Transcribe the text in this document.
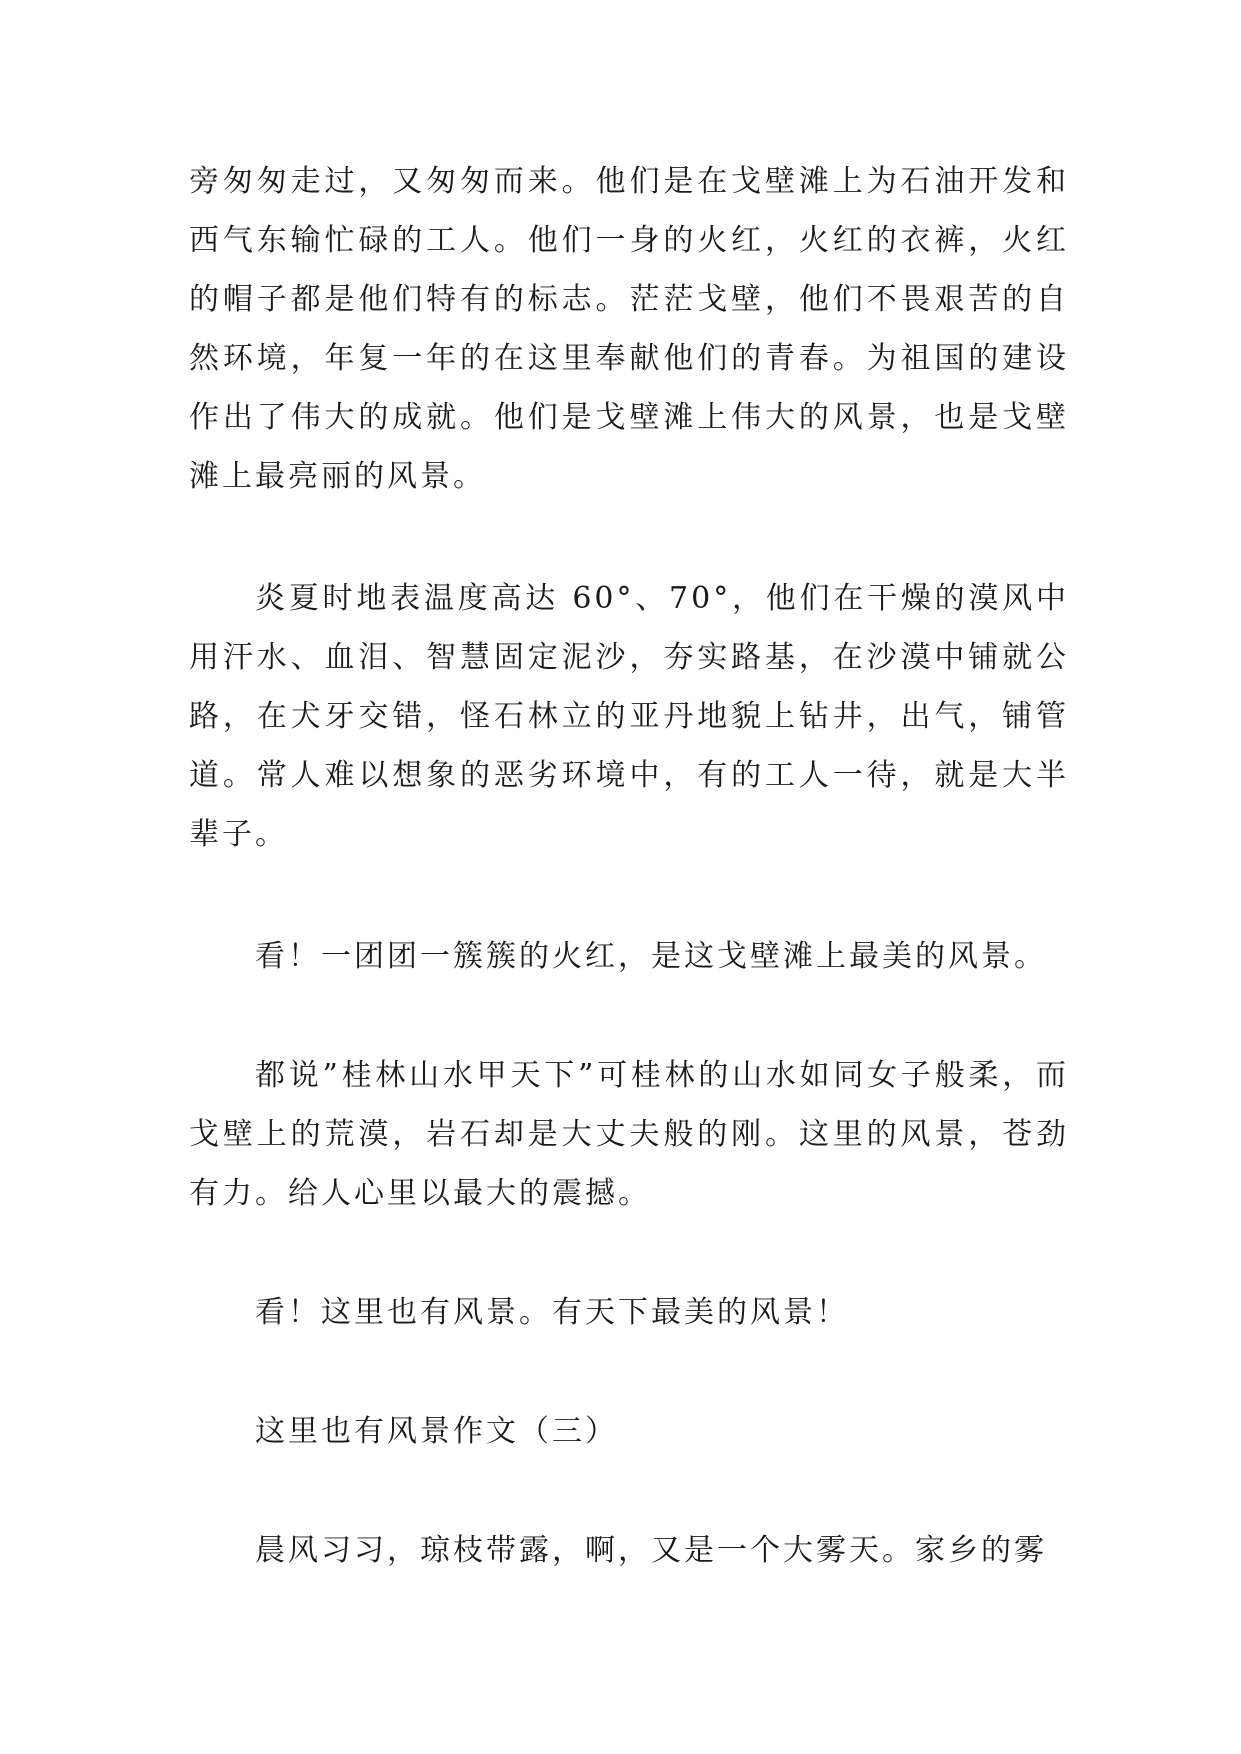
旁匆匆走过，又匆匆而来。他们是在戈壁滩上为石油开发和西气东输忙碌的工人。他们一身的火红，火红的衣裤，火红的帽子都是他们特有的标志。茫茫戈壁，他们不畏艰苦的自然环境，年复一年的在这里奉献他们的青春。为祖国的建设作出了伟大的成就。他们是戈壁滩上伟大的风景，也是戈壁滩上最亮丽的风景。

炎夏时地表温度高达 60°、70°，他们在干燥的漠风中用汗水、血泪、智慧固定泥沙，夯实路基，在沙漠中铺就公路，在犬牙交错，怪石林立的亚丹地貌上钻井，出气，铺管道。常人难以想象的恶劣环境中，有的工人一待，就是大半辈子。

看！一团团一簇簇的火红，是这戈壁滩上最美的风景。

都说”桂林山水甲天下”可桂林的山水如同女子般柔，而戈壁上的荒漠，岩石却是大丈夫般的刚。这里的风景，苍劲有力。给人心里以最大的震撼。

看！这里也有风景。有天下最美的风景！

这里也有风景作文（三）

晨风习习，琼枝带露，啊，又是一个大雾天。家乡的雾
